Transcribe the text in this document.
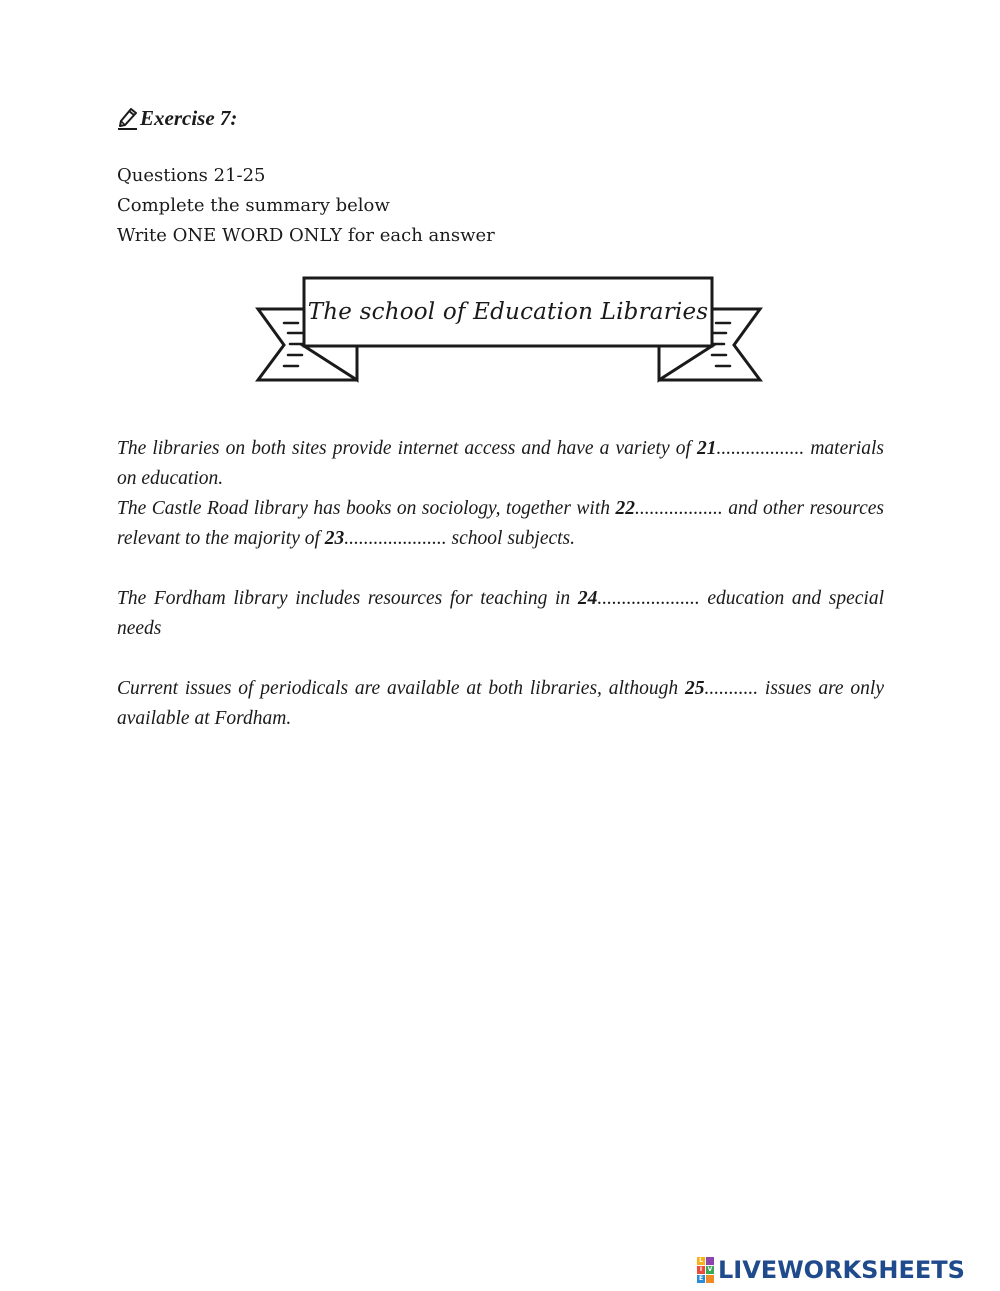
Exercise 7:
Questions 21-25
Complete the summary below
Write ONE WORD ONLY for each answer
The school of Education Libraries

The libraries on both sites provide internet access and have a variety of 21.................. materials on education.

The Castle Road library has books on sociology, together with 22.................. and other resources relevant to the majority of 23..................... school subjects.

The Fordham library includes resources for teaching in 24..................... education and special needs

Current issues of periodicals are available at both libraries, although 25........... issues are only available at Fordham.

L
I V
E LIVEWORKSHEETS
